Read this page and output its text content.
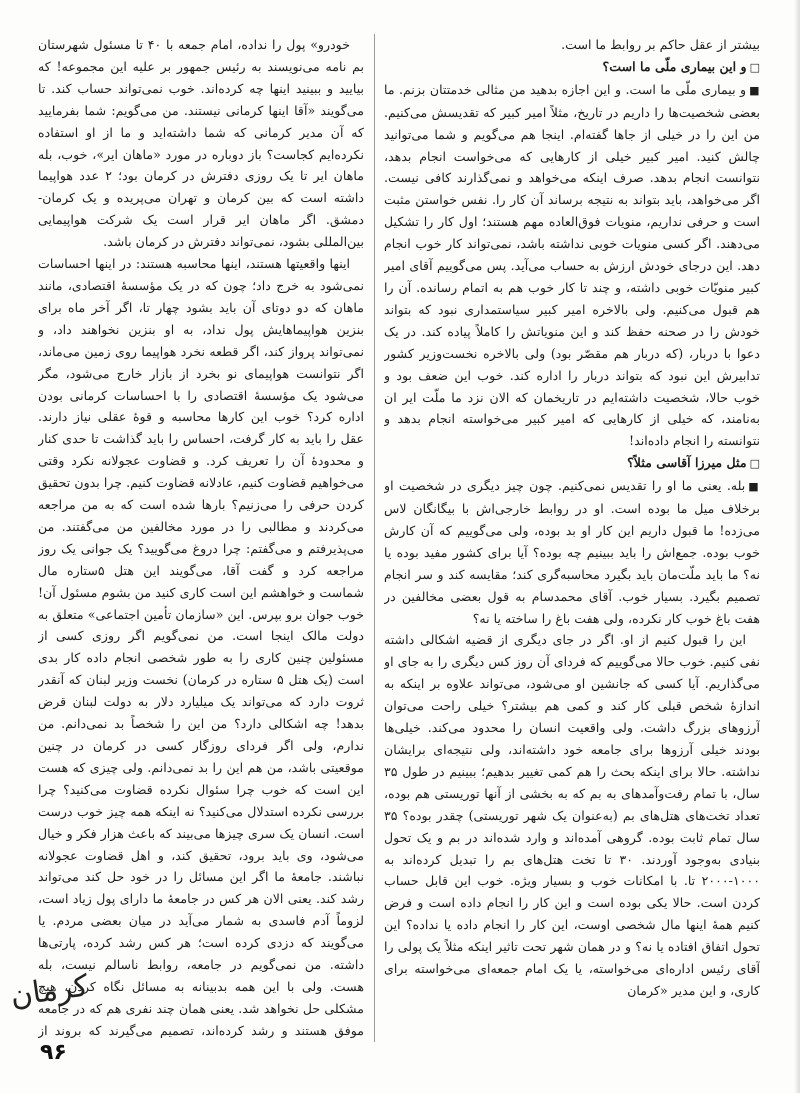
بیشتر از عقل حاکم بر روابط ما است.

□و این بیماری ملّی ما است؟

■و بیماری ملّی ما است. و این اجازه بدهید من مثالی خدمتتان بزنم. ما بعضی شخصیت‌ها را داریم در تاریخ، مثلاً امیر کبیر که تقدیسش می‌کنیم. من این را در خیلی از جاها گفته‌ام. اینجا هم می‌گویم و شما می‌توانید چالش کنید. امیر کبیر خیلی از کارهایی که می‌خواست انجام بدهد، نتوانست انجام بدهد. صرف اینکه می‌خواهد و نمی‌گذارند کافی نیست. اگر می‌خواهد، باید بتواند به نتیجه برساند آن کار را. نفس خواستن مثبت است و حرفی نداریم، منویات فوق‌العاده مهم هستند؛ اول کار را تشکیل می‌دهند. اگر کسی منویات خوبی نداشته باشد، نمی‌تواند کار خوب انجام دهد. این درجای خودش ارزش به حساب می‌آید. پس می‌گوییم آقای امیر کبیر منویّات خوبی داشته، و چند تا کار خوب هم به اتمام رسانده. آن را هم قبول می‌کنیم. ولی بالاخره امیر کبیر سیاستمداری نبود که بتواند خودش را در صحنه حفظ کند و این منویاتش را کاملاً پیاده کند. در یک دعوا با دربار، (که دربار هم مقصّر بود) ولی بالاخره نخست‌وزیر کشور تدابیرش این نبود که بتواند دربار را اداره کند. خوب این ضعف بود و خوب حالا، شخصیت داشته‌ایم در تاریخمان که الان نزد ما ملّت ایر ان به‌نامند، که خیلی از کارهایی که امیر کبیر می‌خواسته انجام بدهد و نتوانسته را انجام داده‌اند!

□مثل میرزا آقاسی مثلاً؟

■بله. یعنی ما او را تقدیس نمی‌کنیم. چون چیز دیگری در شخصیت او برخلاف میل ما بوده است. او در روابط خارجی‌اش با بیگانگان لاس می‌زده! ما قبول داریم این کار او بد بوده، ولی می‌گوییم که آن کارش خوب بوده. جمع‌اش را باید ببینیم چه بوده؟ آیا برای کشور مفید بوده یا نه؟ ما باید ملّت‌مان باید بگیرد محاسبه‌گری کند؛ مقایسه کند و سر انجام تصمیم بگیرد. بسیار خوب. آقای محمدسام به قول بعضی مخالفین در هفت باغ خوب کار نکرده، ولی هفت باغ را ساخته یا نه؟

این را قبول کنیم از او. اگر در جای دیگری از قضیه اشکالی داشته نفی کنیم. خوب حالا می‌گوییم که فردای آن روز کس دیگری را به جای او می‌گذاریم. آیا کسی که جانشین او می‌شود، می‌تواند علاوه بر اینکه به اندازهٔ شخص قبلی کار کند و کمی هم بیشتر؟ خیلی راحت می‌توان آرزوهای بزرگ داشت. ولی واقعیت انسان را محدود می‌کند. خیلی‌ها بودند خیلی آرزوها برای جامعه خود داشته‌اند، ولی نتیجه‌ای برایشان نداشته. حالا برای اینکه بحث را هم کمی تغییر بدهیم؛ ببینیم در طول ۳۵ سال، با تمام رفت‌وآمدهای به بم که به بخشی از آنها توریستی هم بوده، تعداد تخت‌های هتل‌های بم (به‌عنوان یک شهر توریستی) چقدر بوده؟ ۳۵ سال تمام ثابت بوده. گروهی آمده‌اند و وارد شده‌اند در بم و یک تحول بنیادی به‌وجود آوردند. ۳۰ تا تخت هتل‌های بم را تبدیل کرده‌اند به ۱۰۰۰-۲۰۰۰ تا. با امکانات خوب و بسیار ویژه. خوب این قابل حساب کردن است. حالا یکی بوده است و این کار را انجام داده است و فرض کنیم همهٔ اینها مال شخصی اوست، این کار را انجام داده یا نداده؟ این تحول اتفاق افتاده یا نه؟ و در همان شهر تحت تاثیر اینکه مثلاً یک پولی را آقای رئیس اداره‌ای می‌خواسته، یا یک امام جمعه‌ای می‌خواسته برای کاری، و این مدیر «کرمان

خودرو» پول را نداده، امام جمعه با ۴۰ تا مسئول شهرستان بم نامه می‌نویسند به رئیس جمهور بر علیه این مجموعه! که بیایید و ببینید اینها چه کرده‌اند. خوب نمی‌تواند حساب کند. تا می‌گویند «آقا اینها کرمانی نیستند. من می‌گویم: شما بفرمایید که آن مدیر کرمانی که شما داشته‌اید و ما از او استفاده نکرده‌ایم کجاست؟ باز دوباره در مورد «ماهان ایر»، خوب، بله ماهان ایر تا یک روزی دفترش در کرمان بود؛ ۲ عدد هواپیما داشته است که بین کرمان و تهران می‌پریده و یک کرمان-دمشق. اگر ماهان ایر قرار است یک شرکت هواپیمایی بین‌المللی بشود، نمی‌تواند دفترش در کرمان باشد.

اینها واقعیتها هستند، اینها محاسبه هستند: در اینها احساسات نمی‌شود به خرج داد؛ چون که در یک مؤسسهٔ اقتصادی، مانند ماهان که دو دوتای آن باید بشود چهار تا، اگر آخر ماه برای بنزین هواپیماهایش پول نداد، به او بنزین نخواهند داد، و نمی‌تواند پرواز کند، اگر قطعه نخرد هواپیما روی زمین می‌ماند، اگر نتوانست هواپیمای نو بخرد از بازار خارج می‌شود، مگر می‌شود یک مؤسسهٔ اقتصادی را با احساسات کرمانی بودن اداره کرد؟ خوب این کارها محاسبه و قوهٔ عقلی نیاز دارند. عقل را باید به کار گرفت، احساس را باید گذاشت تا حدی کنار و محدودهٔ آن را تعریف کرد. و قضاوت عجولانه نکرد وقتی می‌خواهیم قضاوت کنیم، عادلانه قضاوت کنیم. چرا بدون تحقیق کردن حرفی را می‌زنیم؟ بارها شده است که به من مراجعه می‌کردند و مطالبی را در مورد مخالفین من می‌گفتند. من می‌پذیرفتم و می‌گفتم: چرا دروغ می‌گویید؟ یک جوانی یک روز مراجعه کرد و گفت آقا، می‌گویند این هتل ۵ستاره مال شماست و خواهشم این است کاری کنید من بشوم مسئول آن! خوب جوان برو بپرس. این «سازمان تأمین اجتماعی» متعلق به دولت مالک اینجا است. من نمی‌گویم اگر روزی کسی از مسئولین چنین کاری را به طور شخصی انجام داده کار بدی است (یک هتل ۵ ستاره در کرمان) نخست وزیر لبنان که آنقدر ثروت دارد که می‌تواند یک میلیارد دلار به دولت لبنان قرض بدهد! چه اشکالی دارد؟ من این را شخصاً بد نمی‌دانم. من ندارم، ولی اگر فردای روزگار کسی در کرمان در چنین موقعیتی باشد، من هم این را بد نمی‌دانم. ولی چیزی که هست این است که خوب چرا سئوال نکرده قضاوت می‌کنید؟ چرا بررسی نکرده استدلال می‌کنید؟ نه اینکه همه چیز خوب درست است. انسان یک سری چیزها می‌بیند که باعث هزار فکر و خیال می‌شود، وی باید برود، تحقیق کند، و اهل قضاوت عجولانه نباشند. جامعهٔ ما اگر این مسائل را در خود حل کند می‌تواند رشد کند. یعنی الان هر کس در جامعهٔ ما دارای پول زیاد است، لزوماً آدم فاسدی به شمار می‌آید در میان بعضی مردم. یا می‌گویند که دزدی کرده است؛ هر کس رشد کرده، پارتی‌ها داشته. من نمی‌گویم در جامعه، روابط ناسالم نیست، بله هست. ولی با این همه بدبینانه به مسائل نگاه کردن، هیچ مشکلی حل نخواهد شد. یعنی همان چند نفری هم که در جامعه موفق هستند و رشد کرده‌اند، تصمیم می‌گیرند که بروند از

کرمان
۹۶
